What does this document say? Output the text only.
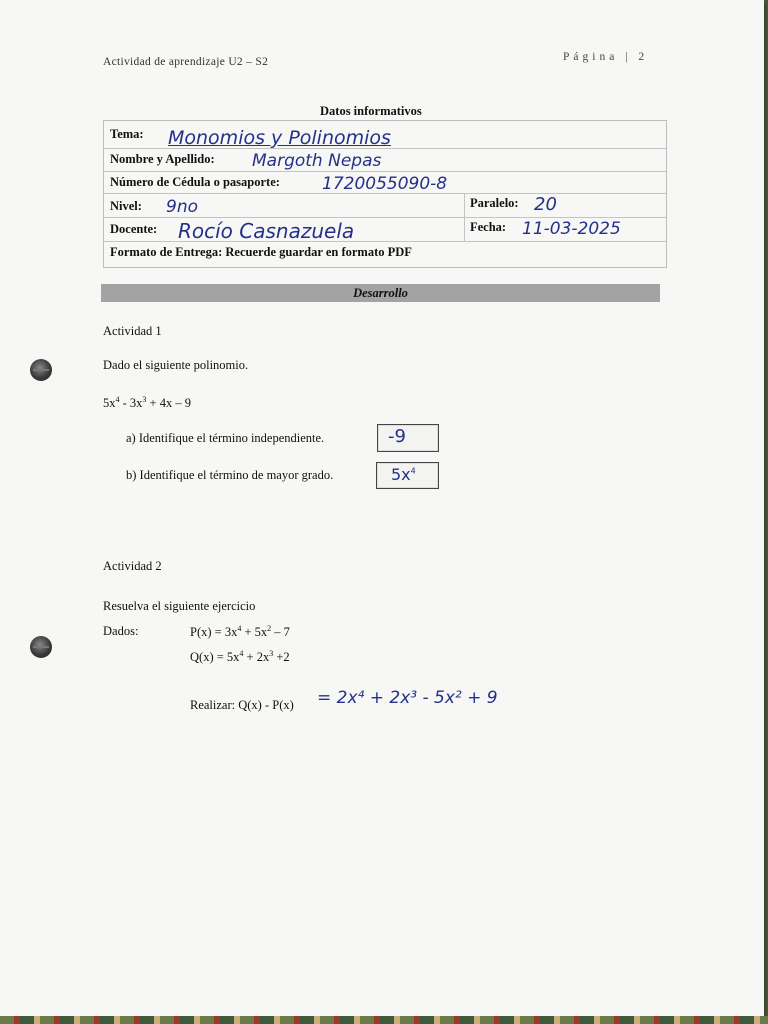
Actividad de aprendizaje U2 – S2	Página | 2
Datos informativos
Tema: Monomios y Polinomios
Nombre y Apellido: Margoth Nepas
Número de Cédula o pasaporte: 1720055090-8
Nivel: 9no	Paralelo: 20
Docente: Rocío Casnazuela	Fecha: 11-03-2025
Formato de Entrega: Recuerde guardar en formato PDF
Desarrollo
Actividad 1
Dado el siguiente polinomio.
$5x^4 - 3x^3 + 4x - 9$
a) Identifique el término independiente.	-9
b) Identifique el término de mayor grado.	$5x^4$
Actividad 2
Resuelva el siguiente ejercicio
Dados:	$P(x) = 3x^4 + 5x^2 - 7$
$Q(x) = 5x^4 + 2x^3 +2$
Realizar: Q(x) - P(x) = 2x⁴ + 2x³ - 5x² + 9
